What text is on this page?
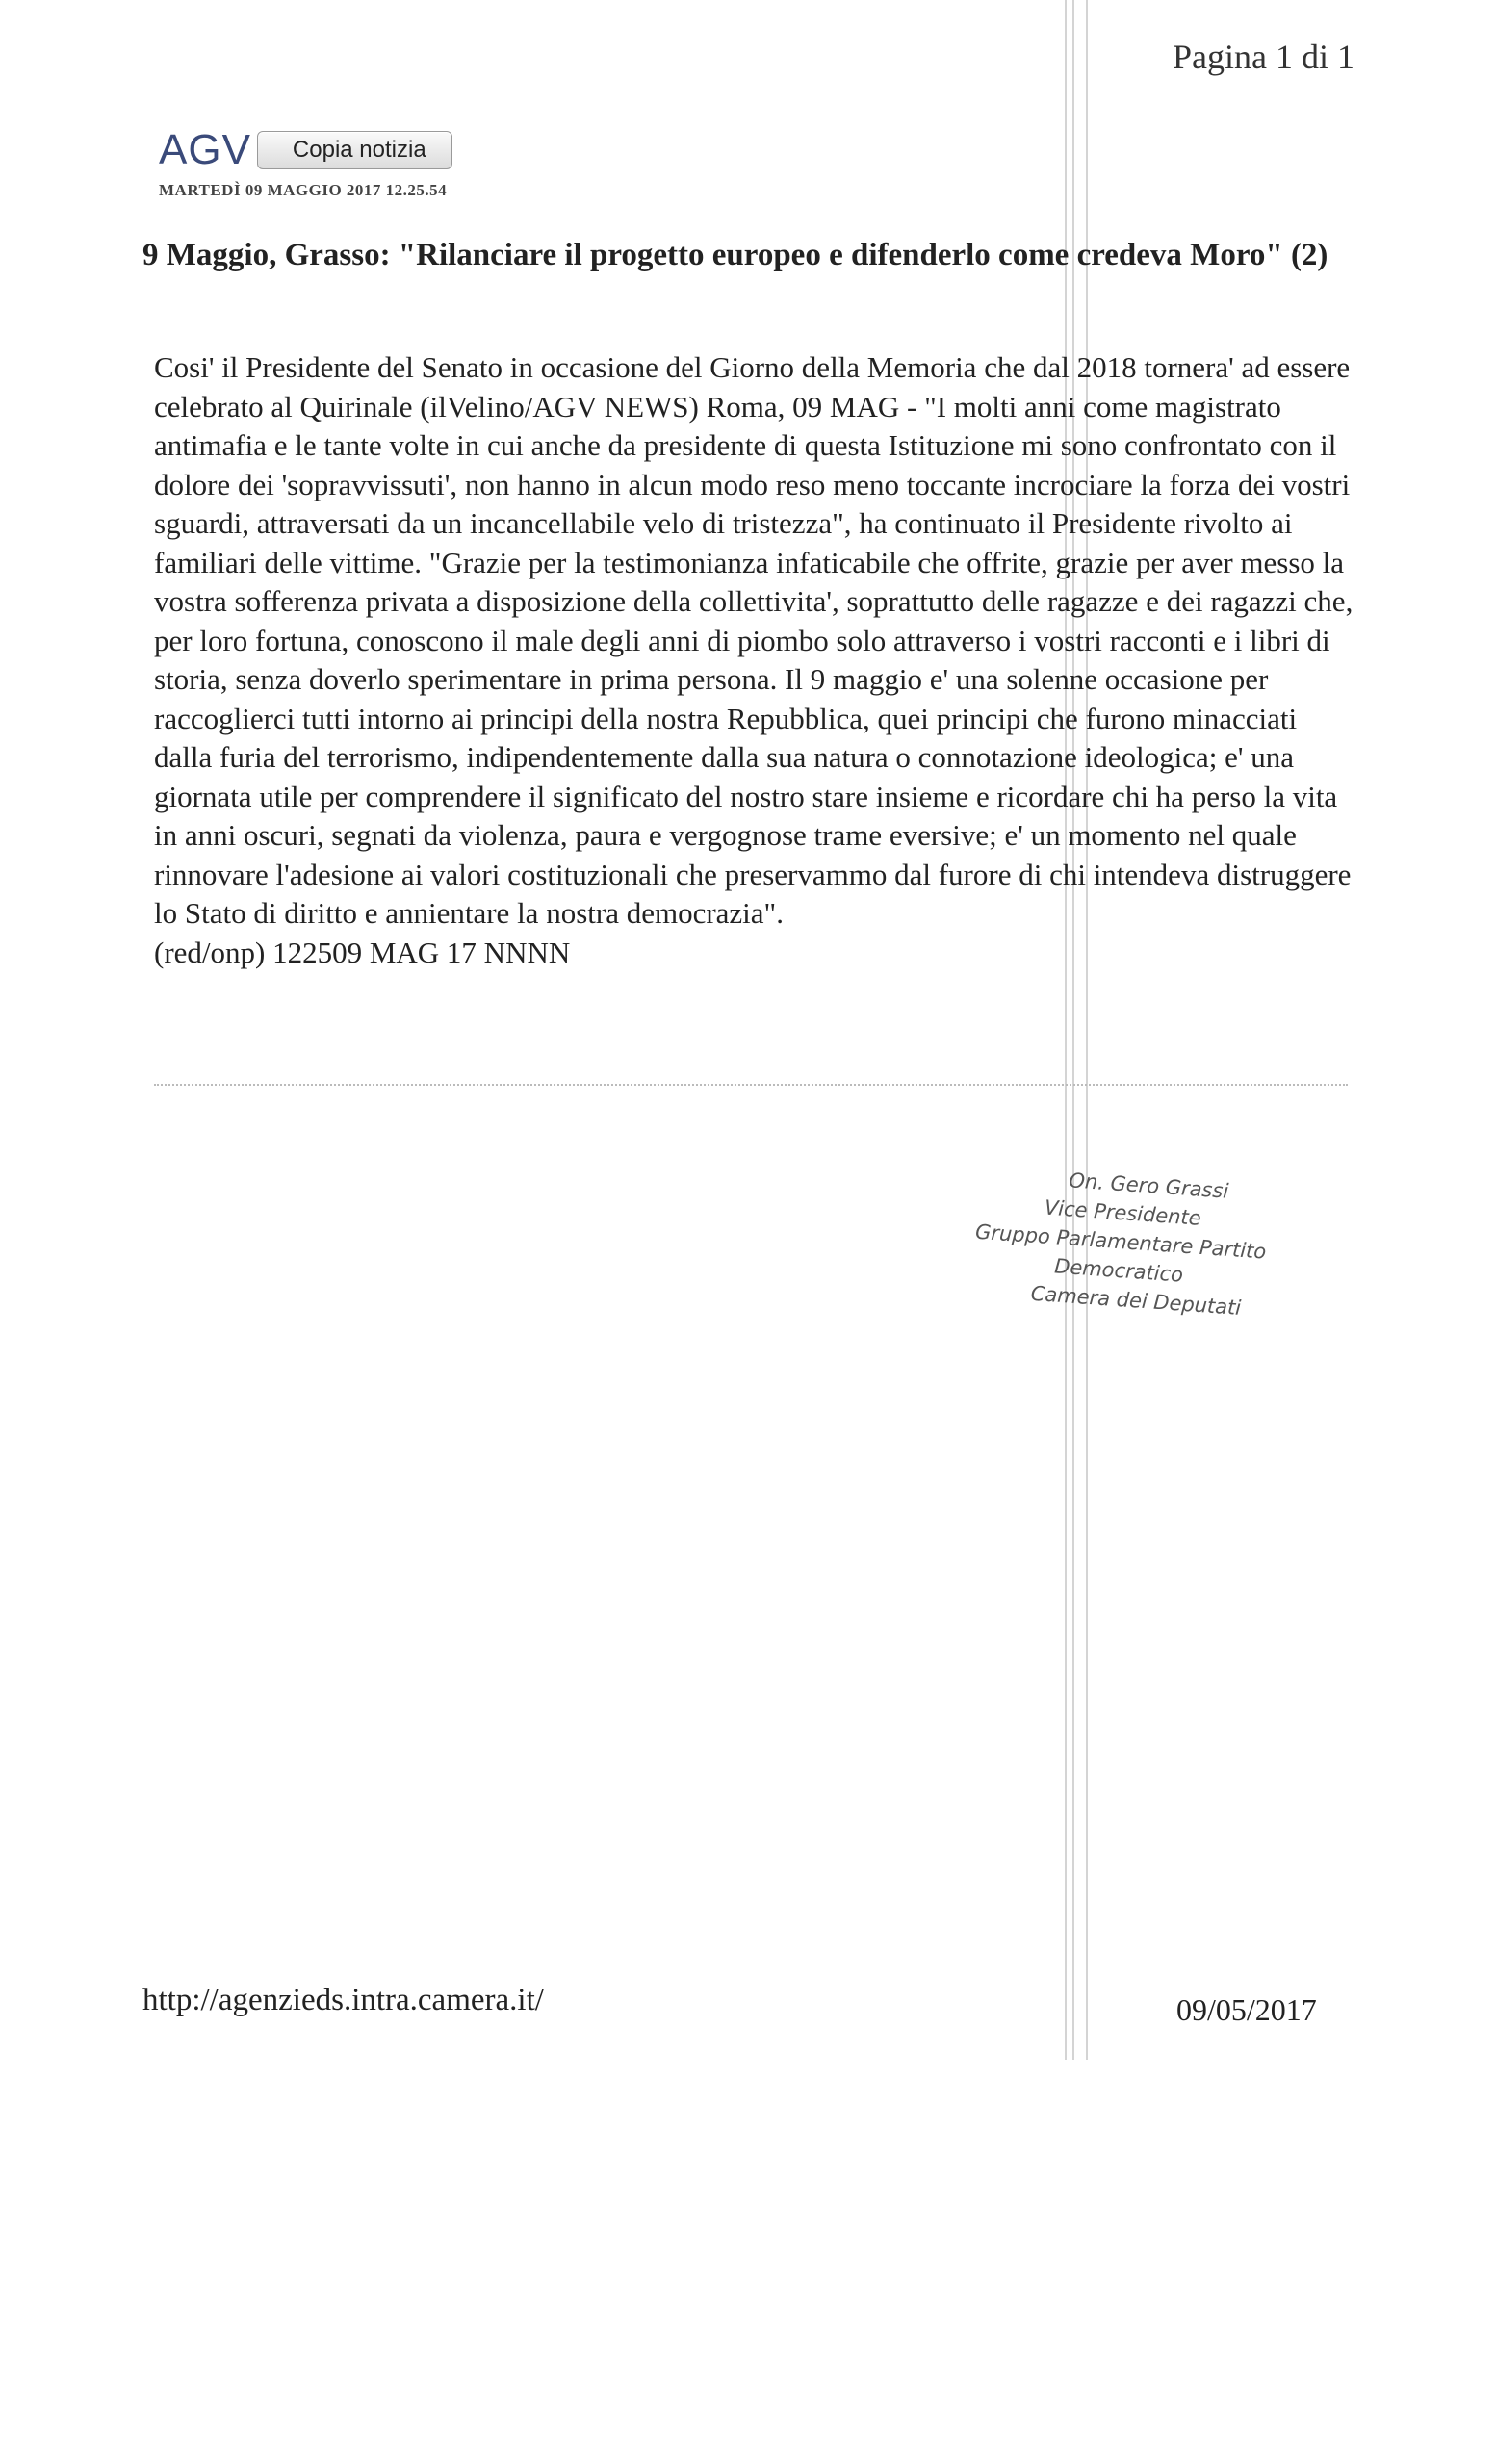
Pagina 1 di 1
AGV	Copia notizia
MARTEDÌ 09 MAGGIO 2017 12.25.54
9 Maggio, Grasso: "Rilanciare il progetto europeo e difenderlo come credeva Moro" (2)
Cosi' il Presidente del Senato in occasione del Giorno della Memoria che dal 2018 tornera' ad essere celebrato al Quirinale (ilVelino/AGV NEWS) Roma, 09 MAG - "I molti anni come magistrato antimafia e le tante volte in cui anche da presidente di questa Istituzione mi sono confrontato con il dolore dei 'sopravvissuti', non hanno in alcun modo reso meno toccante incrociare la forza dei vostri sguardi, attraversati da un incancellabile velo di tristezza", ha continuato il Presidente rivolto ai familiari delle vittime. "Grazie per la testimonianza infaticabile che offrite, grazie per aver messo la vostra sofferenza privata a disposizione della collettivita', soprattutto delle ragazze e dei ragazzi che, per loro fortuna, conoscono il male degli anni di piombo solo attraverso i vostri racconti e i libri di storia, senza doverlo sperimentare in prima persona. Il 9 maggio e' una solenne occasione per raccoglierci tutti intorno ai principi della nostra Repubblica, quei principi che furono minacciati dalla furia del terrorismo, indipendentemente dalla sua natura o connotazione ideologica; e' una giornata utile per comprendere il significato del nostro stare insieme e ricordare chi ha perso la vita in anni oscuri, segnati da violenza, paura e vergognose trame eversive; e' un momento nel quale rinnovare l'adesione ai valori costituzionali che preservammo dal furore di chi intendeva distruggere lo Stato di diritto e annientare la nostra democrazia".
(red/onp) 122509 MAG 17 NNNN
On. Gero Grassi
Vice Presidente
Gruppo Parlamentare Partito Democratico
Camera dei Deputati
http://agenzieds.intra.camera.it/	09/05/2017
